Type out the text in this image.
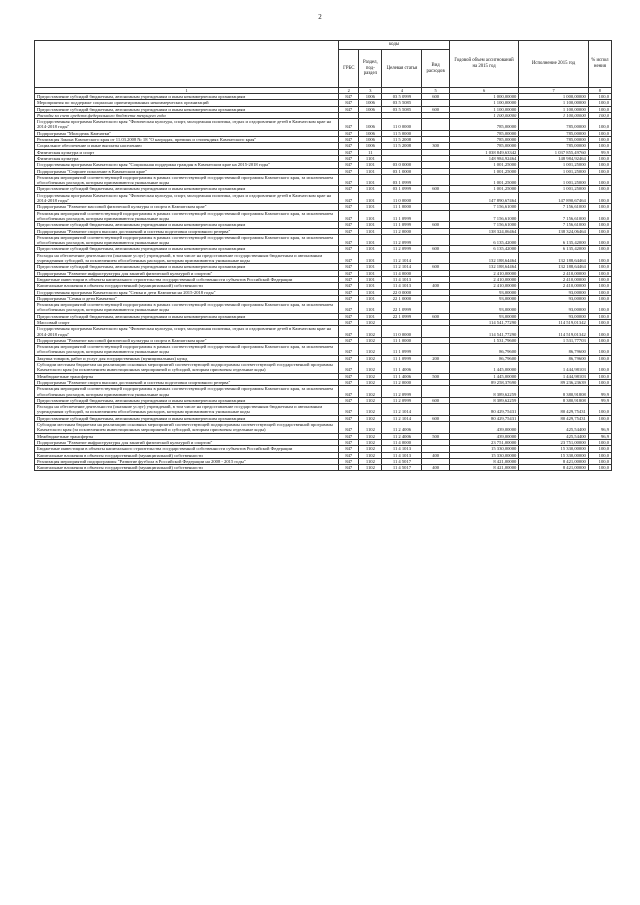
2
	коды				Годовой объем ассигнований на 2015 год	Исполнение 2015 год	% испол нения
	ГРБС	Раздел, под-раздел	Целевая статья	Вид расходов			
1	2	3	4	5	6	7	8
Предоставление субсидий бюджетным, автономным учреждениям и иным некоммерческим организациям	847	1006	03 5 0999	600	1 000,00000	1 000,00000	100,0
Мероприятия по поддержке социально ориентированных некоммерческих организаций	847	1006	03 5 5085		1 100,00000	1 100,00000	100,0
Предоставление субсидий бюджетным, автономным учреждениям и иным некоммерческим организациям	847	1006	03 5 5085	600	1 100,00000	1 100,00000	100,0
Расходы за счет средств федерального бюджета текущего года					1 100,00000	1 100,00000	100,0
Государственная программа Камчатского края "Физическая культура, спорт, молодежная политика, отдых и оздоровление детей в Камчатском крае на 2014-2018 годы"	847	1006	11 0 0000		785,00000	785,00000	100,0
Подпрограмма "Молодежь Камчатки"	847	1006	11 5 0000		785,00000	785,00000	100,0
Реализация Закона Камчатского края от 11.03.2008 № 18 "О наградах, премиях и стипендиях Камчатского края"	847	1006	11 5 2008		785,00000	785,00000	100,0
Социальное обеспечение и иные выплаты населению	847	1006	11 5 2008	300	785,00000	785,00000	100,0
Физическая культура и спорт	847	11			1 038 849,63342	1 037 855,49760	99,9
Физическая культура	847	1101			148 984,92464	148 984,92464	100,0
Государственная программа Камчатского края "Социальная поддержка граждан в Камчатском крае на 2015-2018 годы"	847	1101	03 0 0000		1 001,25000	1 001,25000	100,0
Подпрограмма "Старшее поколение в Камчатском крае"	847	1101	03 1 0000		1 001,25000	1 001,25000	100,0
Реализация мероприятий соответствующей подпрограммы в рамках соответствующей государственной программы Камчатского края, за исключением обособленных расходов, которым присваиваются уникальные коды	847	1101	03 1 0999		1 001,25000	1 001,25000	100,0
Предоставление субсидий бюджетным, автономным учреждениям и иным некоммерческим организациям	847	1101	03 1 0999	600	1 001,25000	1 001,25000	100,0
Государственная программа Камчатского края "Физическая культура, спорт, молодежная политика, отдых и оздоровление детей в Камчатском крае на 2014-2018 годы"	847	1101	11 0 0000		147 890,67464	147 890,67464	100,0
Подпрограмма "Развитие массовой физической культуры и спорта в Камчатском крае"	847	1101	11 1 0000		7 156,61000	7 156,61000	100,0
Реализация мероприятий соответствующей подпрограммы в рамках соответствующей государственной программы Камчатского края, за исключением обособленных расходов, которым присваиваются уникальные коды	847	1101	11 1 0999		7 156,61000	7 156,61000	100,0
Предоставление субсидий бюджетным, автономным учреждениям и иным некоммерческим организациям	847	1101	11 1 0999	600	7 156,61000	7 156,61000	100,0
Подпрограмма "Развитие спорта высших достижений и системы подготовки спортивного резерва"	847	1101	11 2 0000		138 324,06464	138 324,06464	100,0
Реализация мероприятий соответствующей подпрограммы в рамках соответствующей государственной программы Камчатского края, за исключением обособленных расходов, которым присваиваются уникальные коды	847	1101	11 2 0999		6 135,42000	6 135,42000	100,0
Предоставление субсидий бюджетным, автономным учреждениям и иным некоммерческим организациям	847	1101	11 2 0999	600	6 135,42000	6 135,42000	100,0
Расходы на обеспечение деятельности (оказание услуг) учреждений, в том числе на предоставление государственным бюджетным и автономным учреждениям субсидий, за исключением обособленных расходов, которым присваиваются уникальные коды	847	1101	11 2 1014		132 188,64464	132 188,64464	100,0
Предоставление субсидий бюджетным, автономным учреждениям и иным некоммерческим организациям	847	1101	11 2 1014	600	132 188,64464	132 188,64464	100,0
Подпрограмма "Развитие инфраструктуры для занятий физической культурой и спортом"	847	1101	11 4 0000		2 410,00000	2 410,00000	100,0
Бюджетные инвестиции в объекты капитального строительства государственной собственности субъектов Российской Федерации	847	1101	11 4 1013		2 410,00000	2 410,00000	100,0
Капитальные вложения в объекты государственной (муниципальной) собственности	847	1101	11 4 1013	400	2 410,00000	2 410,00000	100,0
Государственная программа Камчатского края "Семья и дети Камчатки на 2015-2018 годы"	847	1101	22 0 0000		93,00000	93,00000	100,0
Подпрограмма "Семья и дети Камчатки"	847	1101	22 1 0000		93,00000	93,00000	100,0
Реализация мероприятий соответствующей подпрограммы в рамках соответствующей государственной программы Камчатского края, за исключением обособленных расходов, которым присваиваются уникальные коды	847	1101	22 1 0999		93,00000	93,00000	100,0
Предоставление субсидий бюджетным, автономным учреждениям и иным некоммерческим организациям	847	1101	22 1 0999	600	93,00000	93,00000	100,0
Массовый спорт	847	1102			114 541,77290	114 519,01342	100,0
Государственная программа Камчатского края "Физическая культура, спорт, молодежная политика, отдых и оздоровление детей в Камчатском крае на 2014-2018 годы"	847	1102	11 0 0000		114 541,77290	114 519,01342	100,0
Подпрограмма "Развитие массовой физической культуры и спорта в Камчатском крае"	847	1102	11 1 0000		1 531,79600	1 531,77703	100,0
Реализация мероприятий соответствующей подпрограммы в рамках соответствующей государственной программы Камчатского края, за исключением обособленных расходов, которым присваиваются уникальные коды	847	1102	11 1 0999		86,79600	86,79600	100,0
Закупка товаров, работ и услуг для государственных (муниципальных) нужд	847	1102	11 1 0999	200	86,79600	86,79600	100,0
Субсидии местным бюджетам на реализацию основных мероприятий соответствующей подпрограммы соответствующей государственной программы Камчатского края (за исключением инвестиционных мероприятий и субсидий, которым присвоены отдельные коды)	847	1102	11 1 4006		1 445,00000	1 444,98103	100,0
Межбюджетные трансферты	847	1102	11 1 4006	500	1 445,00000	1 444,98103	100,0
Подпрограмма "Развитие спорта высших достижений и системы подготовки спортивного резерва"	847	1102	11 2 0000		89 258,37690	89 236,23639	100,0
Реализация мероприятий соответствующей подпрограммы в рамках соответствующей государственной программы Камчатского края, за исключением обособленных расходов, которым присваиваются уникальные коды	847	1102	11 2 0999		8 389,62259	8 380,91808	99,9
Предоставление субсидий бюджетным, автономным учреждениям и иным некоммерческим организациям	847	1102	11 2 0999	600	8 389,62259	8 380,91808	99,9
Расходы на обеспечение деятельности (оказание услуг) учреждений, в том числе на предоставление государственным бюджетным и автономным учреждениям субсидий, за исключением обособленных расходов, которым присваиваются уникальные коды	847	1102	11 2 1014		80 429,75431	80 429,75431	100,0
Предоставление субсидий бюджетным, автономным учреждениям и иным некоммерческим организациям	847	1102	11 2 1014	600	80 429,75431	80 429,75431	100,0
Субсидии местным бюджетам на реализацию основных мероприятий соответствующей подпрограммы соответствующей государственной программы Камчатского края (за исключением инвестиционных мероприятий и субсидий, которым присвоены отдельные коды)	847	1102	11 2 4006		439,00000	425,54400	96,9
Межбюджетные трансферты	847	1102	11 2 4006	500	439,00000	425,54400	96,9
Подпрограмма "Развитие инфраструктуры для занятий физической культурой и спортом"	847	1102	11 4 0000		23 751,00000	23 751,00000	100,0
Бюджетные инвестиции в объекты капитального строительства государственной собственности субъектов Российской Федерации	847	1102	11 4 1013		15 330,00000	15 330,00000	100,0
Капитальные вложения в объекты государственной (муниципальной) собственности	847	1102	11 4 1013	400	15 330,00000	15 330,00000	100,0
Реализация мероприятий подпрограммы "Развитие футбола в Российской Федерации на 2008 - 2015 годы"	847	1102	11 4 5017		8 421,00000	8 421,00000	100,0
Капитальные вложения в объекты государственной (муниципальной) собственности	847	1102	11 4 5017	400	8 421,00000	8 421,00000	100,0
